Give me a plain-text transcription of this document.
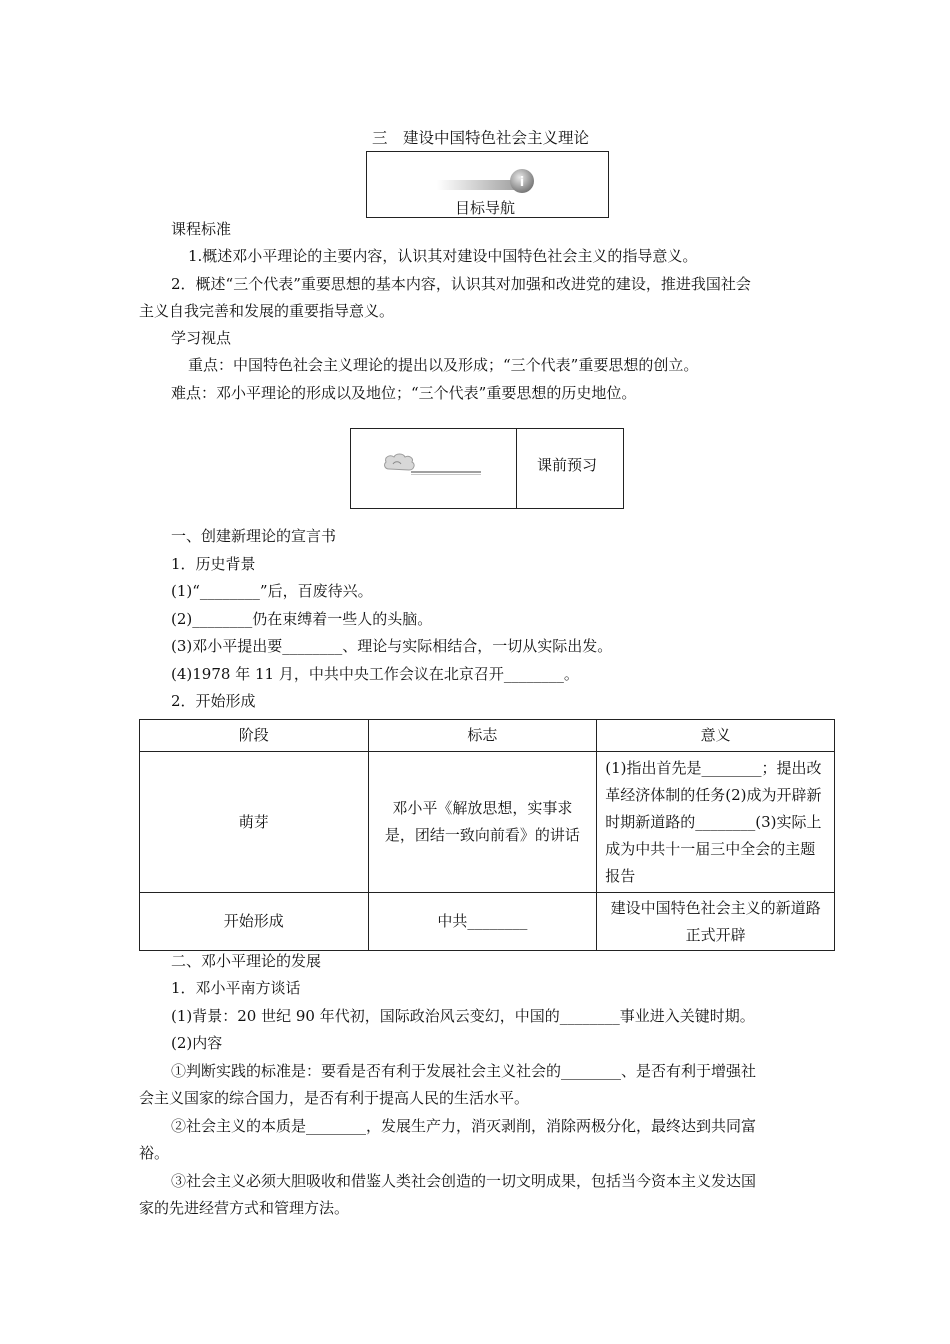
三　建设中国特色社会主义理论
i
目标导航
课程标准
1.概述邓小平理论的主要内容，认识其对建设中国特色社会主义的指导意义。
2．概述“三个代表”重要思想的基本内容，认识其对加强和改进党的建设，推进我国社会
主义自我完善和发展的重要指导意义。
学习视点
重点：中国特色社会主义理论的提出以及形成；“三个代表”重要思想的创立。
难点：邓小平理论的形成以及地位；“三个代表”重要思想的历史地位。
课前预习
一、创建新理论的宣言书
1．历史背景
(1)“________”后，百废待兴。
(2)________仍在束缚着一些人的头脑。
(3)邓小平提出要________、理论与实际相结合，一切从实际出发。
(4)1978 年 11 月，中共中央工作会议在北京召开________。
2．开始形成
阶段	标志	意义
萌芽	邓小平《解放思想，实事求是，团结一致向前看》的讲话	(1)指出首先是________；提出改革经济体制的任务(2)成为开辟新时期新道路的________(3)实际上成为中共十一届三中全会的主题报告
开始形成	中共________	建设中国特色社会主义的新道路正式开辟
二、邓小平理论的发展
1．邓小平南方谈话
(1)背景：20 世纪 90 年代初，国际政治风云变幻，中国的________事业进入关键时期。
(2)内容
①判断实践的标准是：要看是否有利于发展社会主义社会的________、是否有利于增强社
会主义国家的综合国力，是否有利于提高人民的生活水平。
②社会主义的本质是________，发展生产力，消灭剥削，消除两极分化，最终达到共同富
裕。
③社会主义必须大胆吸收和借鉴人类社会创造的一切文明成果，包括当今资本主义发达国
家的先进经营方式和管理方法。
